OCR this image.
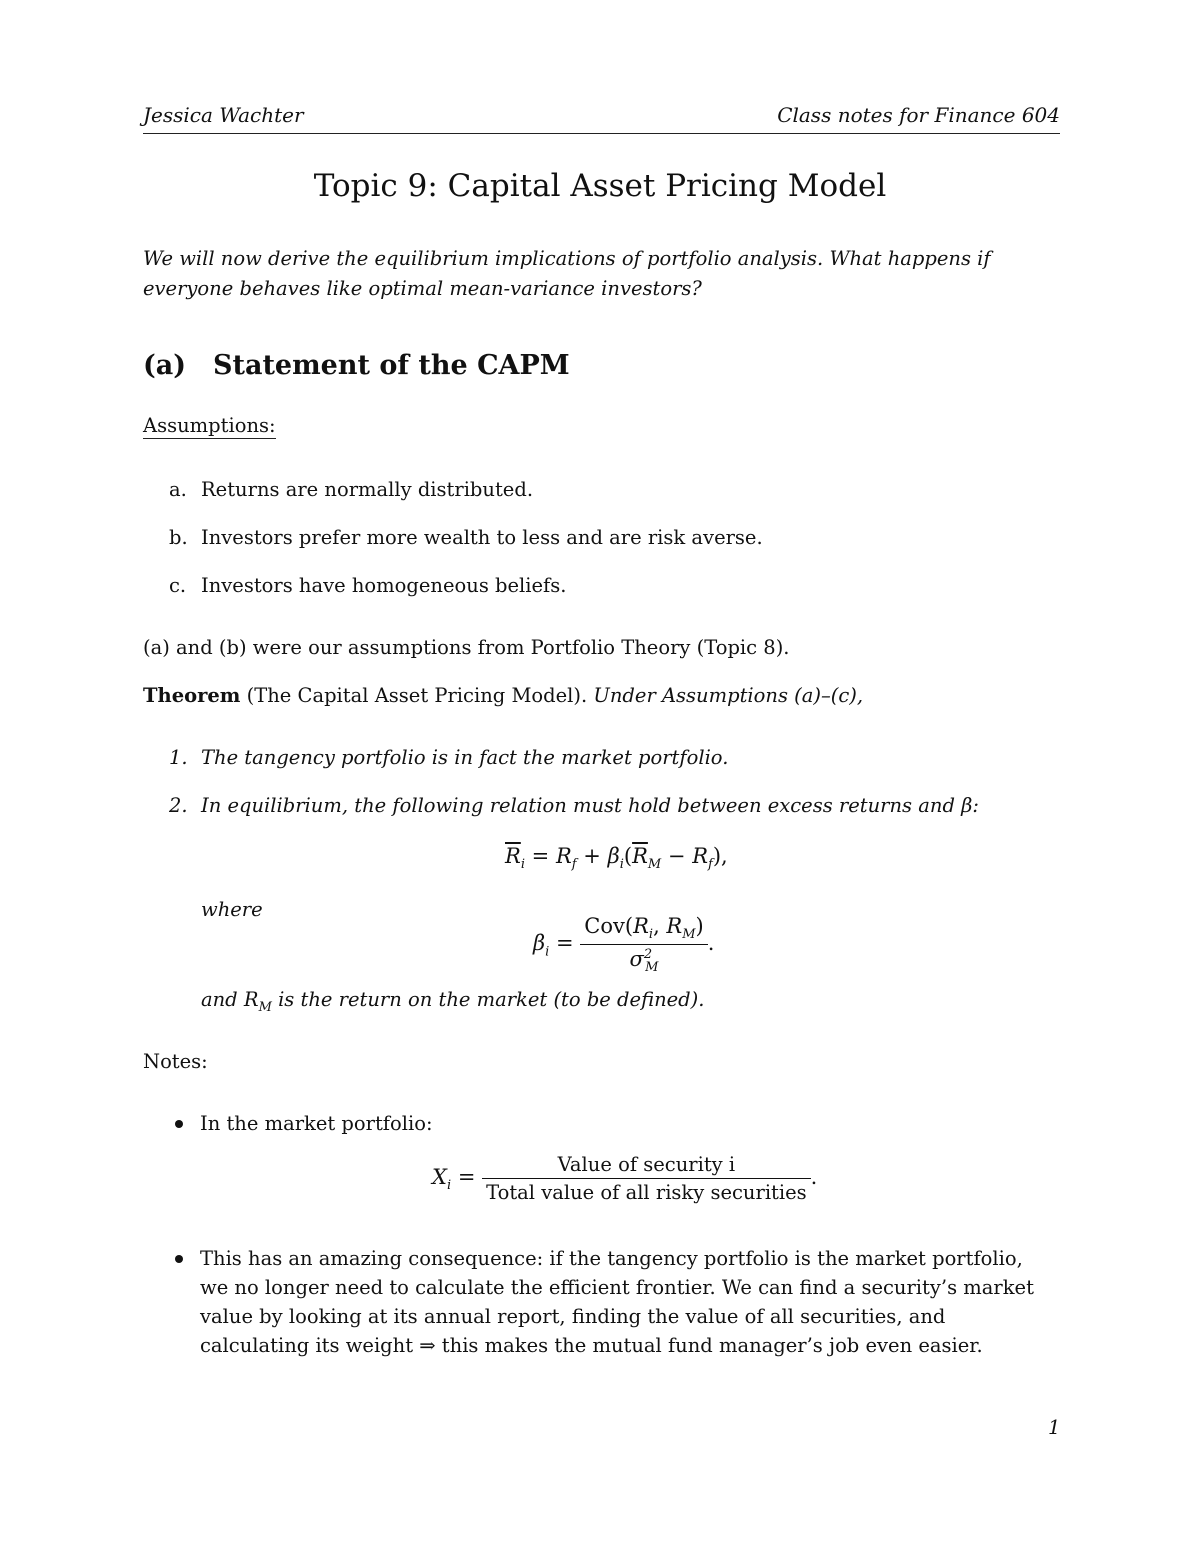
Jessica Wachter	Class notes for Finance 604
Topic 9: Capital Asset Pricing Model
We will now derive the equilibrium implications of portfolio analysis. What happens if everyone behaves like optimal mean-variance investors?
(a) Statement of the CAPM
Assumptions:
a. Returns are normally distributed.
b. Investors prefer more wealth to less and are risk averse.
c. Investors have homogeneous beliefs.
(a) and (b) were our assumptions from Portfolio Theory (Topic 8).
Theorem (The Capital Asset Pricing Model). Under Assumptions (a)–(c),
1. The tangency portfolio is in fact the market portfolio.
2. In equilibrium, the following relation must hold between excess returns and β:
$\overline{R}_i = R_f + \beta_i(\overline{R}_M - R_f)$,
where
$\beta_i = \frac{Cov(R_i, R_M)}{\sigma^2_M}$ .
and $R_M$ is the return on the market (to be defined).
Notes:
In the market portfolio:
$X_i = \frac{\text{Value of security i}}{\text{Total value of all risky securities}}$ .
This has an amazing consequence: if the tangency portfolio is the market portfolio,
we no longer need to calculate the efficient frontier. We can find a security’s market
value by looking at its annual report, finding the value of all securities, and
calculating its weight ⇒ this makes the mutual fund manager’s job even easier.
1
